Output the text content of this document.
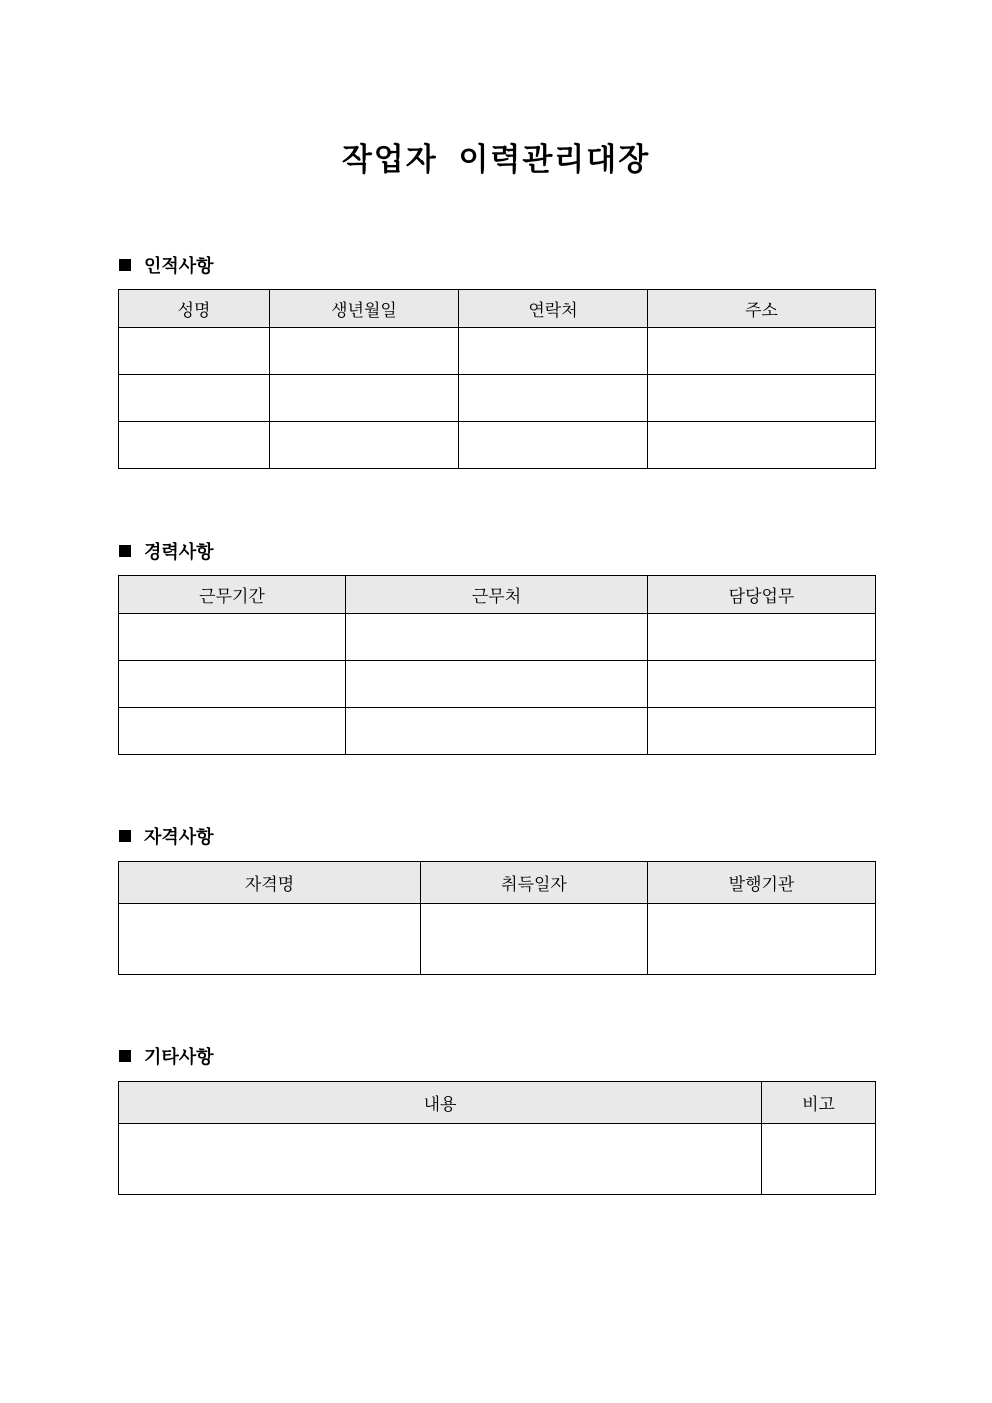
작업자 이력관리대장
인적사항
성명	생년월일	연락처	주소

경력사항
근무기간	근무처	담당업무

자격사항
자격명	취득일자	발행기관

기타사항
내용	비고
